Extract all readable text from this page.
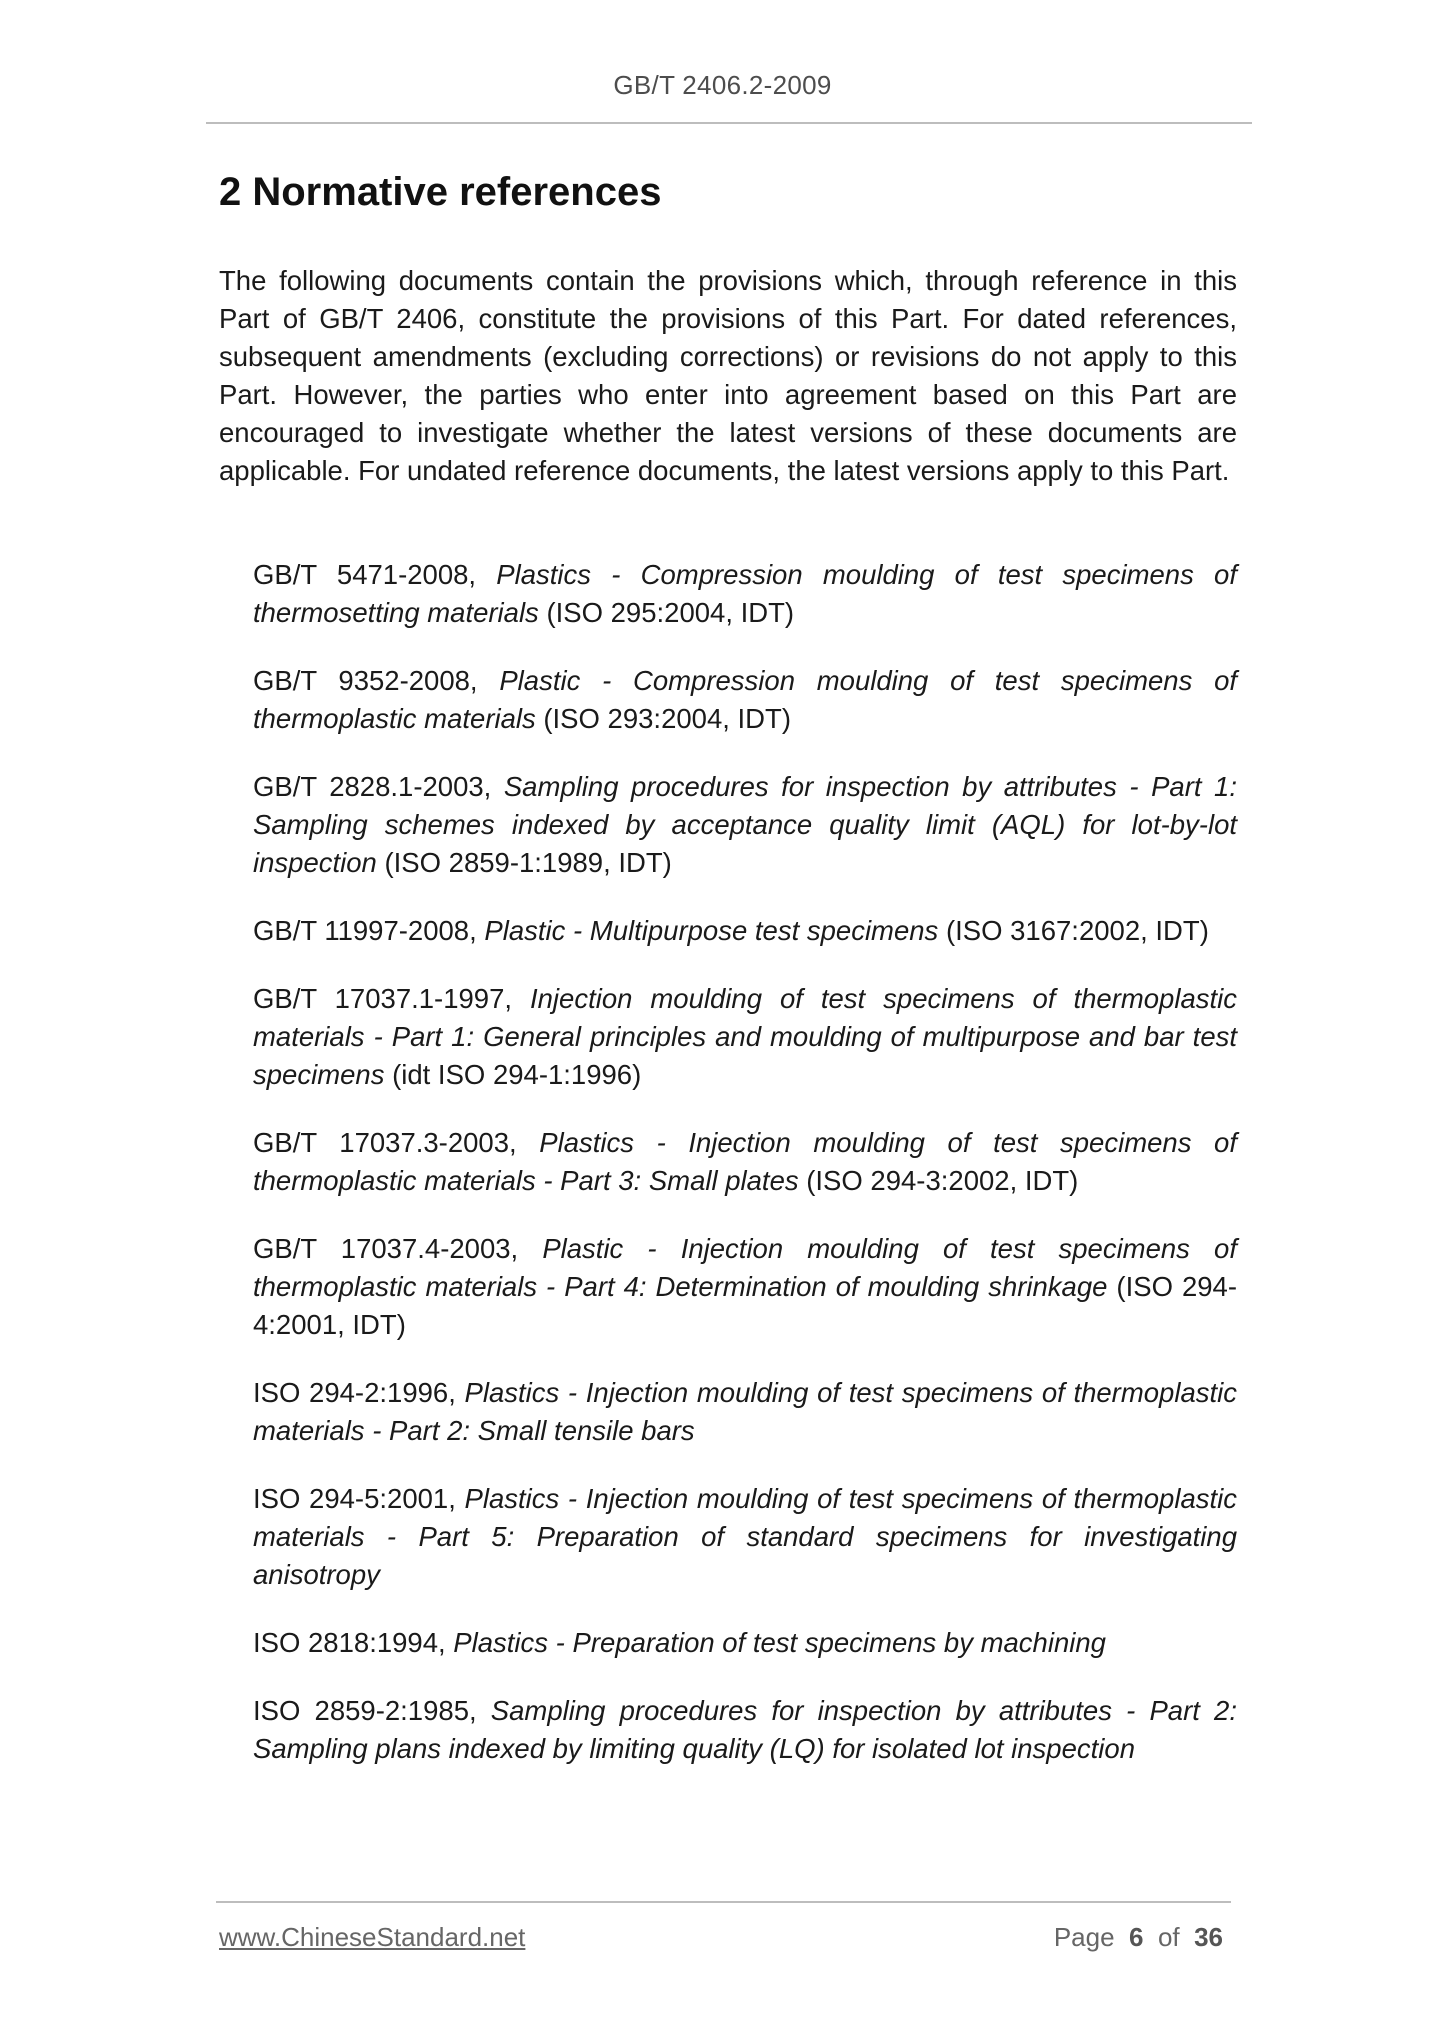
GB/T 2406.2-2009
2 Normative references

The following documents contain the provisions which, through reference in this Part of GB/T 2406, constitute the provisions of this Part. For dated references, subsequent amendments (excluding corrections) or revisions do not apply to this Part. However, the parties who enter into agreement based on this Part are encouraged to investigate whether the latest versions of these documents are applicable. For undated reference documents, the latest versions apply to this Part.

GB/T 5471-2008, Plastics - Compression moulding of test specimens of thermosetting materials (ISO 295:2004, IDT)
GB/T 9352-2008, Plastic - Compression moulding of test specimens of thermoplastic materials (ISO 293:2004, IDT)
GB/T 2828.1-2003, Sampling procedures for inspection by attributes - Part 1: Sampling schemes indexed by acceptance quality limit (AQL) for lot-by-lot inspection (ISO 2859-1:1989, IDT)
GB/T 11997-2008, Plastic - Multipurpose test specimens (ISO 3167:2002, IDT)
GB/T 17037.1-1997, Injection moulding of test specimens of thermoplastic materials - Part 1: General principles and moulding of multipurpose and bar test specimens (idt ISO 294-1:1996)
GB/T 17037.3-2003, Plastics - Injection moulding of test specimens of thermoplastic materials - Part 3: Small plates (ISO 294-3:2002, IDT)
GB/T 17037.4-2003, Plastic - Injection moulding of test specimens of thermoplastic materials - Part 4: Determination of moulding shrinkage (ISO 294-4:2001, IDT)
ISO 294-2:1996, Plastics - Injection moulding of test specimens of thermoplastic materials - Part 2: Small tensile bars
ISO 294-5:2001, Plastics - Injection moulding of test specimens of thermoplastic materials - Part 5: Preparation of standard specimens for investigating anisotropy
ISO 2818:1994, Plastics - Preparation of test specimens by machining
ISO 2859-2:1985, Sampling procedures for inspection by attributes - Part 2: Sampling plans indexed by limiting quality (LQ) for isolated lot inspection
www.ChineseStandard.net	Page 6 of 36
